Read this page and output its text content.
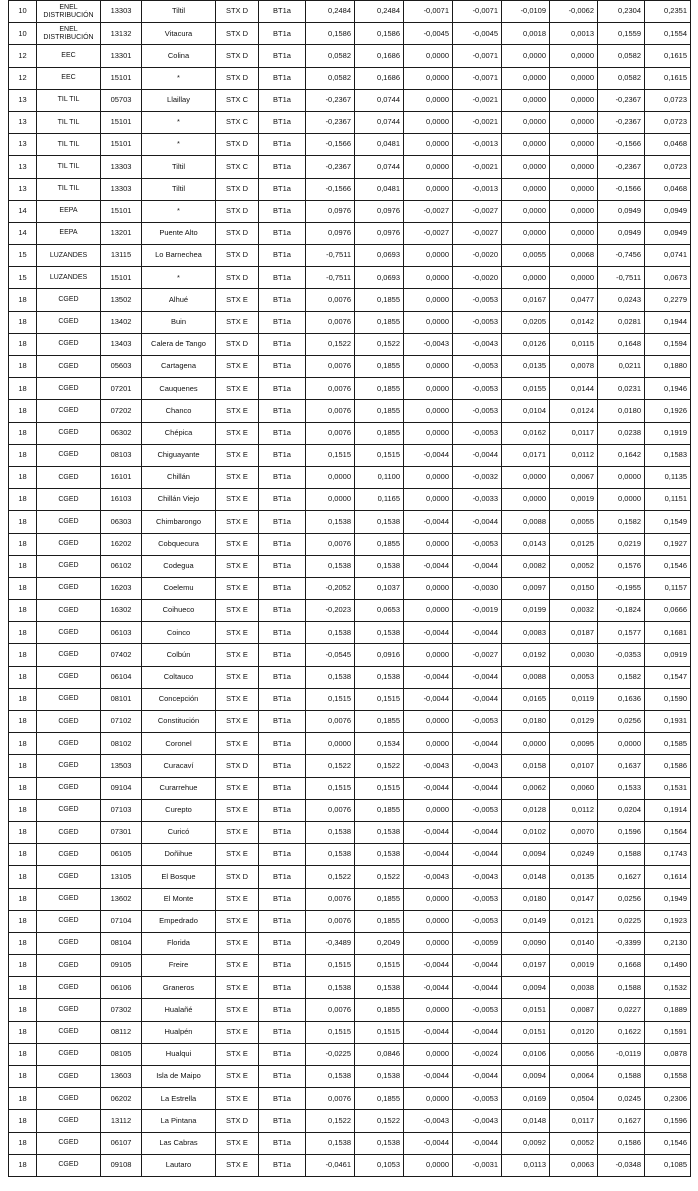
10	ENEL DISTRIBUCIÓN	13303	Tiltil	STX D	BT1a	0,2484	0,2484	-0,0071	-0,0071	-0,0109	-0,0062	0,2304	0,2351
10	ENEL DISTRIBUCIÓN	13132	Vitacura	STX D	BT1a	0,1586	0,1586	-0,0045	-0,0045	0,0018	0,0013	0,1559	0,1554
12	EEC	13301	Colina	STX D	BT1a	0,0582	0,1686	0,0000	-0,0071	0,0000	0,0000	0,0582	0,1615
12	EEC	15101	*	STX D	BT1a	0,0582	0,1686	0,0000	-0,0071	0,0000	0,0000	0,0582	0,1615
13	TIL TIL	05703	Llaillay	STX C	BT1a	-0,2367	0,0744	0,0000	-0,0021	0,0000	0,0000	-0,2367	0,0723
13	TIL TIL	15101	*	STX C	BT1a	-0,2367	0,0744	0,0000	-0,0021	0,0000	0,0000	-0,2367	0,0723
13	TIL TIL	15101	*	STX D	BT1a	-0,1566	0,0481	0,0000	-0,0013	0,0000	0,0000	-0,1566	0,0468
13	TIL TIL	13303	Tiltil	STX C	BT1a	-0,2367	0,0744	0,0000	-0,0021	0,0000	0,0000	-0,2367	0,0723
13	TIL TIL	13303	Tiltil	STX D	BT1a	-0,1566	0,0481	0,0000	-0,0013	0,0000	0,0000	-0,1566	0,0468
14	EEPA	15101	*	STX D	BT1a	0,0976	0,0976	-0,0027	-0,0027	0,0000	0,0000	0,0949	0,0949
14	EEPA	13201	Puente Alto	STX D	BT1a	0,0976	0,0976	-0,0027	-0,0027	0,0000	0,0000	0,0949	0,0949
15	LUZANDES	13115	Lo Barnechea	STX D	BT1a	-0,7511	0,0693	0,0000	-0,0020	0,0055	0,0068	-0,7456	0,0741
15	LUZANDES	15101	*	STX D	BT1a	-0,7511	0,0693	0,0000	-0,0020	0,0000	0,0000	-0,7511	0,0673
18	CGED	13502	Alhué	STX E	BT1a	0,0076	0,1855	0,0000	-0,0053	0,0167	0,0477	0,0243	0,2279
18	CGED	13402	Buin	STX E	BT1a	0,0076	0,1855	0,0000	-0,0053	0,0205	0,0142	0,0281	0,1944
18	CGED	13403	Calera de Tango	STX D	BT1a	0,1522	0,1522	-0,0043	-0,0043	0,0126	0,0115	0,1648	0,1594
18	CGED	05603	Cartagena	STX E	BT1a	0,0076	0,1855	0,0000	-0,0053	0,0135	0,0078	0,0211	0,1880
18	CGED	07201	Cauquenes	STX E	BT1a	0,0076	0,1855	0,0000	-0,0053	0,0155	0,0144	0,0231	0,1946
18	CGED	07202	Chanco	STX E	BT1a	0,0076	0,1855	0,0000	-0,0053	0,0104	0,0124	0,0180	0,1926
18	CGED	06302	Chépica	STX E	BT1a	0,0076	0,1855	0,0000	-0,0053	0,0162	0,0117	0,0238	0,1919
18	CGED	08103	Chiguayante	STX E	BT1a	0,1515	0,1515	-0,0044	-0,0044	0,0171	0,0112	0,1642	0,1583
18	CGED	16101	Chillán	STX E	BT1a	0,0000	0,1100	0,0000	-0,0032	0,0000	0,0067	0,0000	0,1135
18	CGED	16103	Chillán Viejo	STX E	BT1a	0,0000	0,1165	0,0000	-0,0033	0,0000	0,0019	0,0000	0,1151
18	CGED	06303	Chimbarongo	STX E	BT1a	0,1538	0,1538	-0,0044	-0,0044	0,0088	0,0055	0,1582	0,1549
18	CGED	16202	Cobquecura	STX E	BT1a	0,0076	0,1855	0,0000	-0,0053	0,0143	0,0125	0,0219	0,1927
18	CGED	06102	Codegua	STX E	BT1a	0,1538	0,1538	-0,0044	-0,0044	0,0082	0,0052	0,1576	0,1546
18	CGED	16203	Coelemu	STX E	BT1a	-0,2052	0,1037	0,0000	-0,0030	0,0097	0,0150	-0,1955	0,1157
18	CGED	16302	Coihueco	STX E	BT1a	-0,2023	0,0653	0,0000	-0,0019	0,0199	0,0032	-0,1824	0,0666
18	CGED	06103	Coinco	STX E	BT1a	0,1538	0,1538	-0,0044	-0,0044	0,0083	0,0187	0,1577	0,1681
18	CGED	07402	Colbún	STX E	BT1a	-0,0545	0,0916	0,0000	-0,0027	0,0192	0,0030	-0,0353	0,0919
18	CGED	06104	Coltauco	STX E	BT1a	0,1538	0,1538	-0,0044	-0,0044	0,0088	0,0053	0,1582	0,1547
18	CGED	08101	Concepción	STX E	BT1a	0,1515	0,1515	-0,0044	-0,0044	0,0165	0,0119	0,1636	0,1590
18	CGED	07102	Constitución	STX E	BT1a	0,0076	0,1855	0,0000	-0,0053	0,0180	0,0129	0,0256	0,1931
18	CGED	08102	Coronel	STX E	BT1a	0,0000	0,1534	0,0000	-0,0044	0,0000	0,0095	0,0000	0,1585
18	CGED	13503	Curacaví	STX D	BT1a	0,1522	0,1522	-0,0043	-0,0043	0,0158	0,0107	0,1637	0,1586
18	CGED	09104	Curarrehue	STX E	BT1a	0,1515	0,1515	-0,0044	-0,0044	0,0062	0,0060	0,1533	0,1531
18	CGED	07103	Curepto	STX E	BT1a	0,0076	0,1855	0,0000	-0,0053	0,0128	0,0112	0,0204	0,1914
18	CGED	07301	Curicó	STX E	BT1a	0,1538	0,1538	-0,0044	-0,0044	0,0102	0,0070	0,1596	0,1564
18	CGED	06105	Doñihue	STX E	BT1a	0,1538	0,1538	-0,0044	-0,0044	0,0094	0,0249	0,1588	0,1743
18	CGED	13105	El Bosque	STX D	BT1a	0,1522	0,1522	-0,0043	-0,0043	0,0148	0,0135	0,1627	0,1614
18	CGED	13602	El Monte	STX E	BT1a	0,0076	0,1855	0,0000	-0,0053	0,0180	0,0147	0,0256	0,1949
18	CGED	07104	Empedrado	STX E	BT1a	0,0076	0,1855	0,0000	-0,0053	0,0149	0,0121	0,0225	0,1923
18	CGED	08104	Florida	STX E	BT1a	-0,3489	0,2049	0,0000	-0,0059	0,0090	0,0140	-0,3399	0,2130
18	CGED	09105	Freire	STX E	BT1a	0,1515	0,1515	-0,0044	-0,0044	0,0197	0,0019	0,1668	0,1490
18	CGED	06106	Graneros	STX E	BT1a	0,1538	0,1538	-0,0044	-0,0044	0,0094	0,0038	0,1588	0,1532
18	CGED	07302	Hualañé	STX E	BT1a	0,0076	0,1855	0,0000	-0,0053	0,0151	0,0087	0,0227	0,1889
18	CGED	08112	Hualpén	STX E	BT1a	0,1515	0,1515	-0,0044	-0,0044	0,0151	0,0120	0,1622	0,1591
18	CGED	08105	Hualqui	STX E	BT1a	-0,0225	0,0846	0,0000	-0,0024	0,0106	0,0056	-0,0119	0,0878
18	CGED	13603	Isla de Maipo	STX E	BT1a	0,1538	0,1538	-0,0044	-0,0044	0,0094	0,0064	0,1588	0,1558
18	CGED	06202	La Estrella	STX E	BT1a	0,0076	0,1855	0,0000	-0,0053	0,0169	0,0504	0,0245	0,2306
18	CGED	13112	La Pintana	STX D	BT1a	0,1522	0,1522	-0,0043	-0,0043	0,0148	0,0117	0,1627	0,1596
18	CGED	06107	Las Cabras	STX E	BT1a	0,1538	0,1538	-0,0044	-0,0044	0,0092	0,0052	0,1586	0,1546
18	CGED	09108	Lautaro	STX E	BT1a	-0,0461	0,1053	0,0000	-0,0031	0,0113	0,0063	-0,0348	0,1085
